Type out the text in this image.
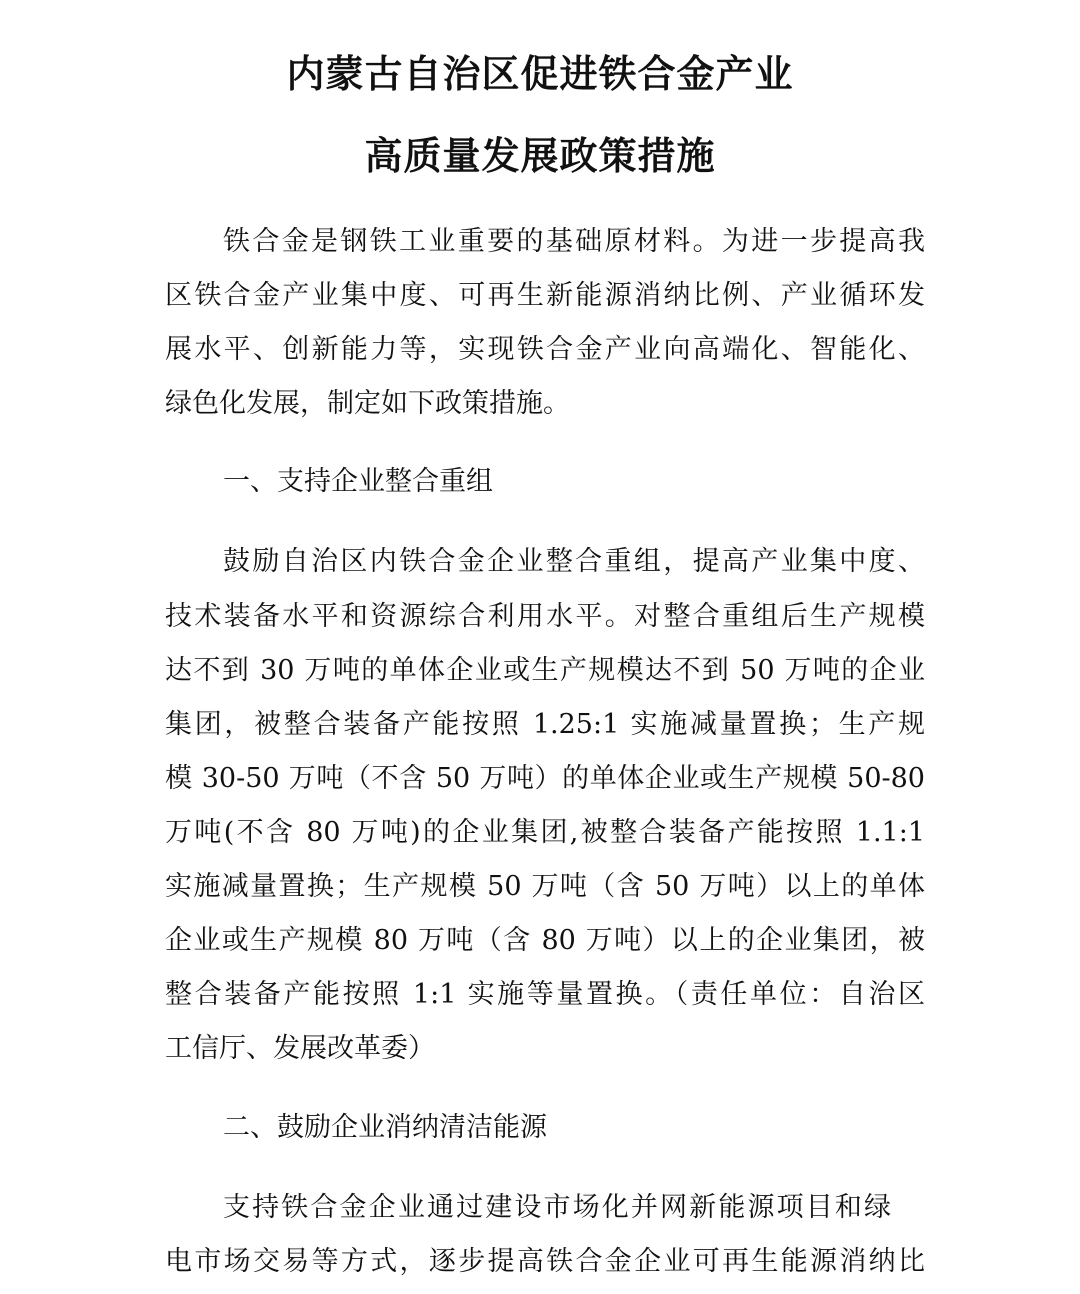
内蒙古自治区促进铁合金产业
高质量发展政策措施
铁合金是钢铁工业重要的基础原材料。为进一步提高我
区铁合金产业集中度、可再生新能源消纳比例、产业循环发
展水平、创新能力等，实现铁合金产业向高端化、智能化、
绿色化发展，制定如下政策措施。
一、支持企业整合重组
鼓励自治区内铁合金企业整合重组，提高产业集中度、
技术装备水平和资源综合利用水平。对整合重组后生产规模
达不到 30 万吨的单体企业或生产规模达不到 50 万吨的企业
集团，被整合装备产能按照 1.25:1 实施减量置换；生产规
模 30-50 万吨（不含 50 万吨）的单体企业或生产规模 50-80
万吨(不含 80 万吨)的企业集团,被整合装备产能按照 1.1:1
实施减量置换；生产规模 50 万吨（含 50 万吨）以上的单体
企业或生产规模 80 万吨（含 80 万吨）以上的企业集团，被
整合装备产能按照 1:1 实施等量置换。（责任单位：自治区
工信厅、发展改革委）
二、鼓励企业消纳清洁能源
支持铁合金企业通过建设市场化并网新能源项目和绿
电市场交易等方式，逐步提高铁合金企业可再生能源消纳比
